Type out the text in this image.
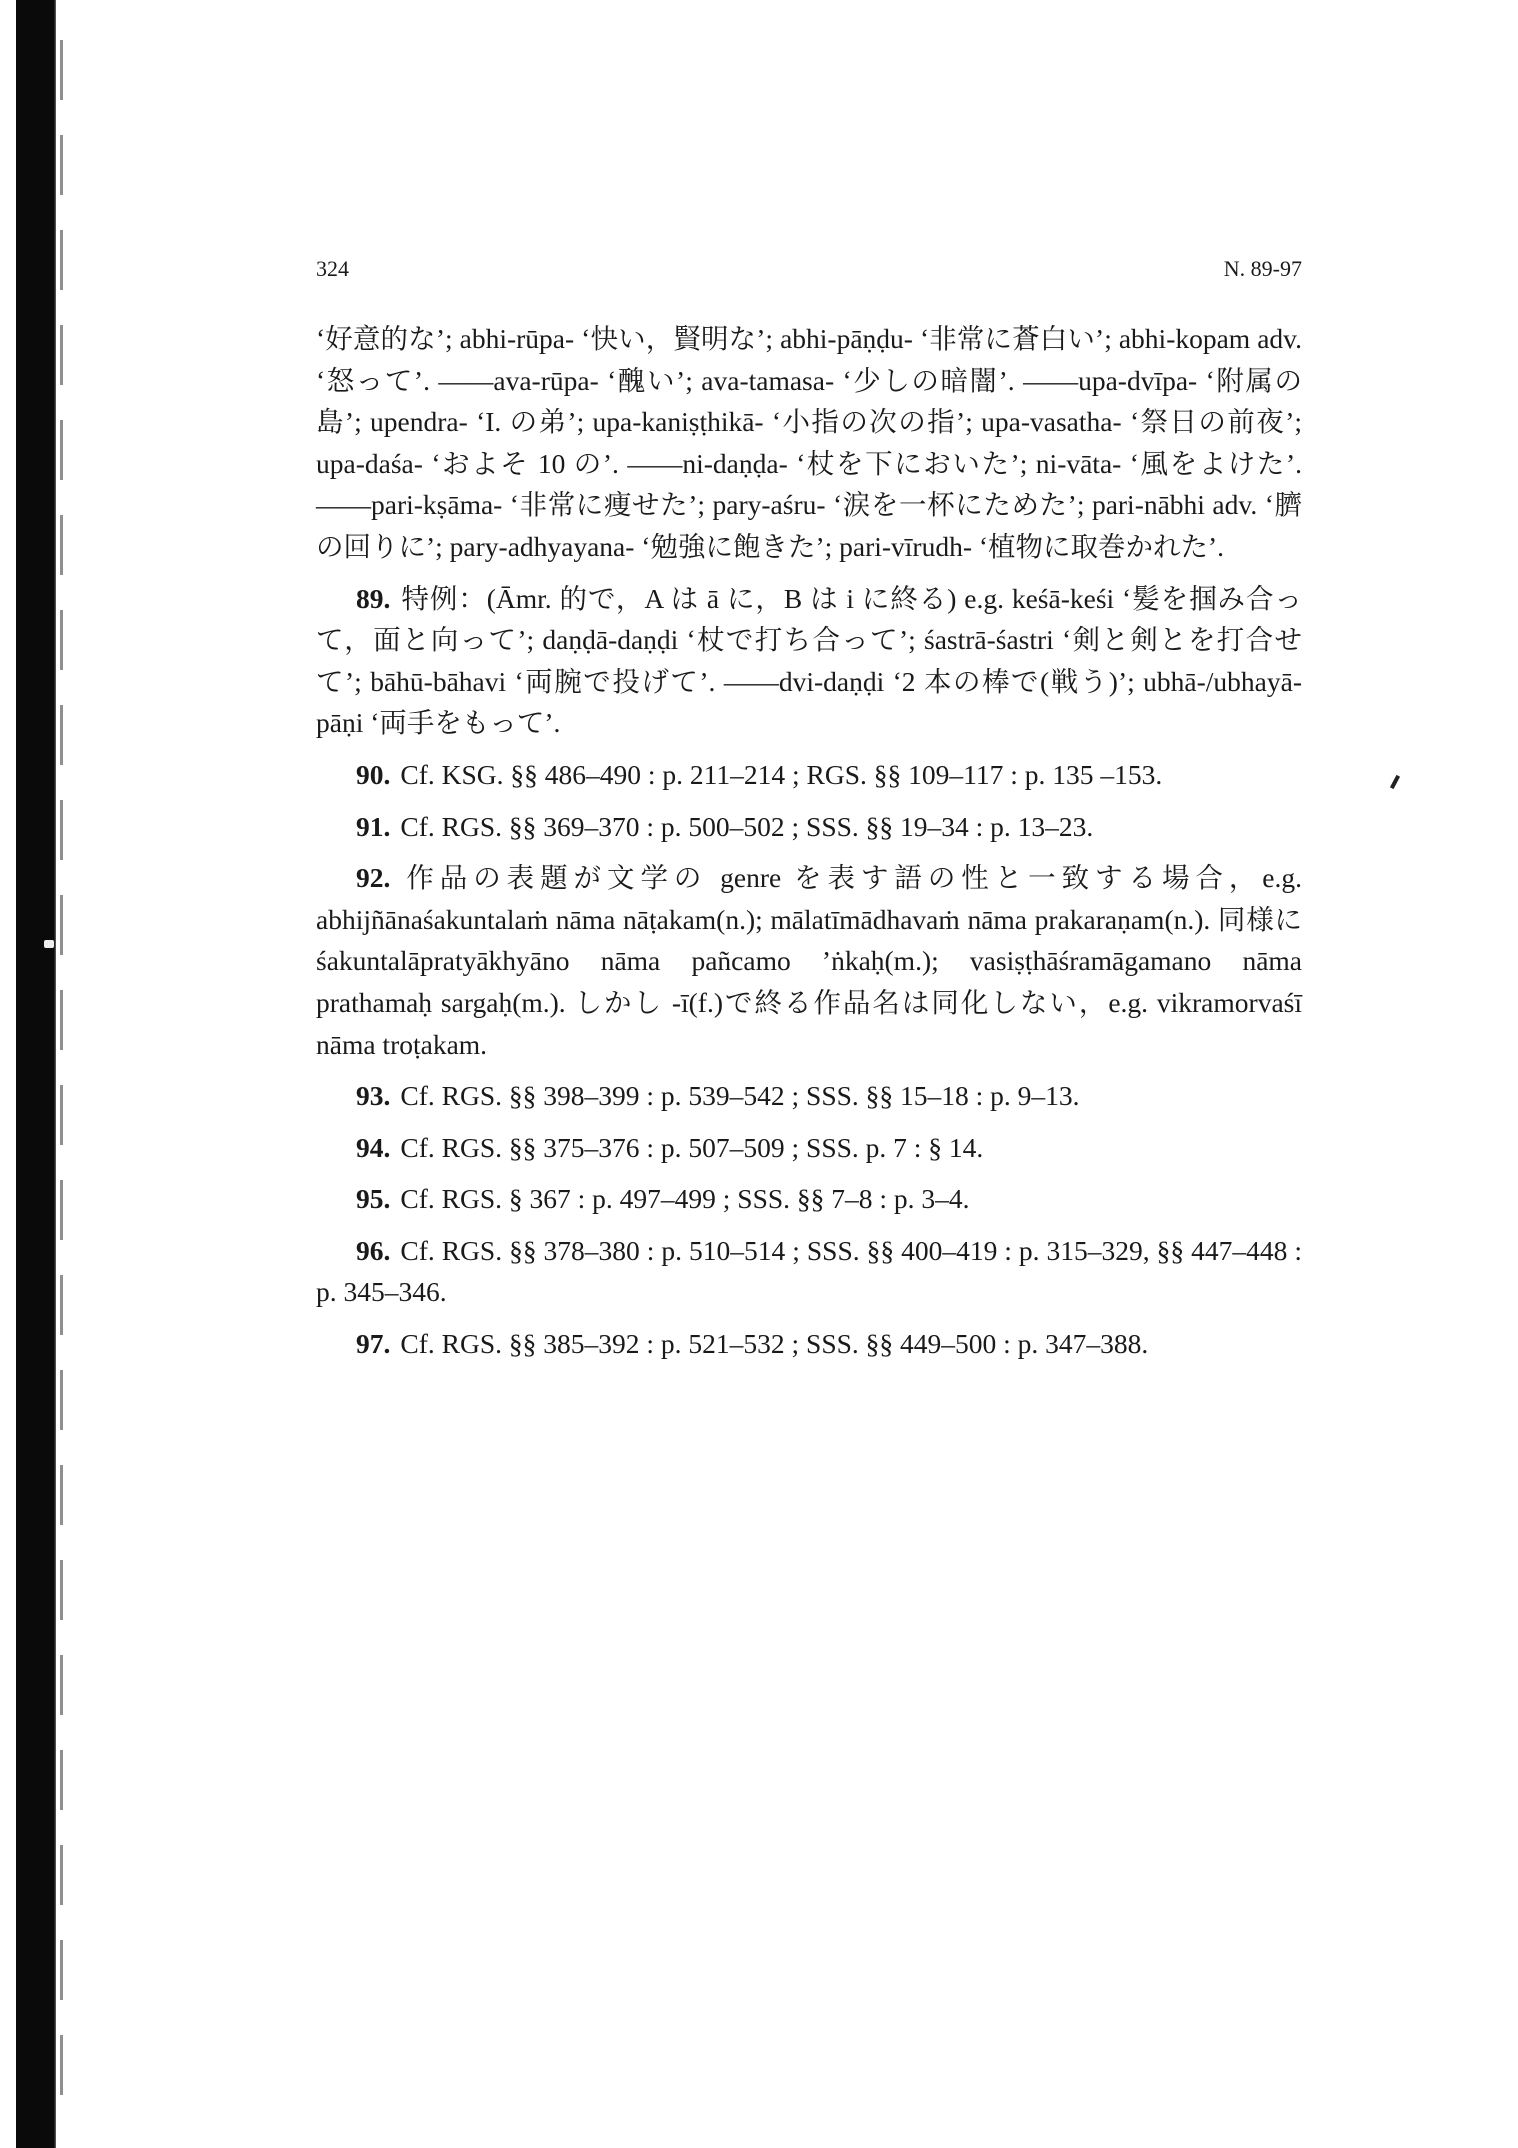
324	N. 89-97

‘好意的な’; abhi-rūpa- ‘快い，賢明な’; abhi-pāṇḍu- ‘非常に蒼白い’; abhi-kopam adv. ‘怒って’. ——ava-rūpa- ‘醜い’; ava-tamasa- ‘少しの暗闇’. ——upa-dvīpa- ‘附属の島’; upendra- ‘I. の弟’; upa-kaniṣṭhikā- ‘小指の次の指’; upa-vasatha- ‘祭日の前夜’; upa-daśa- ‘およそ 10 の’. ——ni-daṇḍa- ‘杖を下においた’; ni-vāta- ‘風をよけた’. ——pari-kṣāma- ‘非常に痩せた’; pary-aśru- ‘涙を一杯にためた’; pari-nābhi adv. ‘臍の回りに’; pary-adhyayana- ‘勉強に飽きた’; pari-vīrudh- ‘植物に取巻かれた’.

89. 特例：(Āmr. 的で，A は ā に，B は i に終る) e.g. keśā-keśi ‘髪を掴み合って，面と向って’; daṇḍā-daṇḍi ‘杖で打ち合って’; śastrā-śastri ‘剣と剣とを打合せて’; bāhū-bāhavi ‘両腕で投げて’. ——dvi-daṇḍi ‘2 本の棒で(戦う)’; ubhā-/ubhayā-pāṇi ‘両手をもって’.

90. Cf. KSG. §§ 486–490 : p. 211–214 ; RGS. §§ 109–117 : p. 135 –153.

91. Cf. RGS. §§ 369–370 : p. 500–502 ; SSS. §§ 19–34 : p. 13–23.

92. 作品の表題が文学の genre を表す語の性と一致する場合，e.g. abhijñānaśakuntalaṁ nāma nāṭakam(n.); mālatīmādhavaṁ nāma prakaraṇam(n.). 同様に śakuntalāpratyākhyāno nāma pañcamo ’ṅkaḥ(m.); vasiṣṭhāśramāgamano nāma prathamaḥ sargaḥ(m.). しかし -ī(f.)で終る作品名は同化しない，e.g. vikramorvaśī nāma troṭakam.

93. Cf. RGS. §§ 398–399 : p. 539–542 ; SSS. §§ 15–18 : p. 9–13.

94. Cf. RGS. §§ 375–376 : p. 507–509 ; SSS. p. 7 : § 14.

95. Cf. RGS. § 367 : p. 497–499 ; SSS. §§ 7–8 : p. 3–4.

96. Cf. RGS. §§ 378–380 : p. 510–514 ; SSS. §§ 400–419 : p. 315–329, §§ 447–448 : p. 345–346.

97. Cf. RGS. §§ 385–392 : p. 521–532 ; SSS. §§ 449–500 : p. 347–388.
